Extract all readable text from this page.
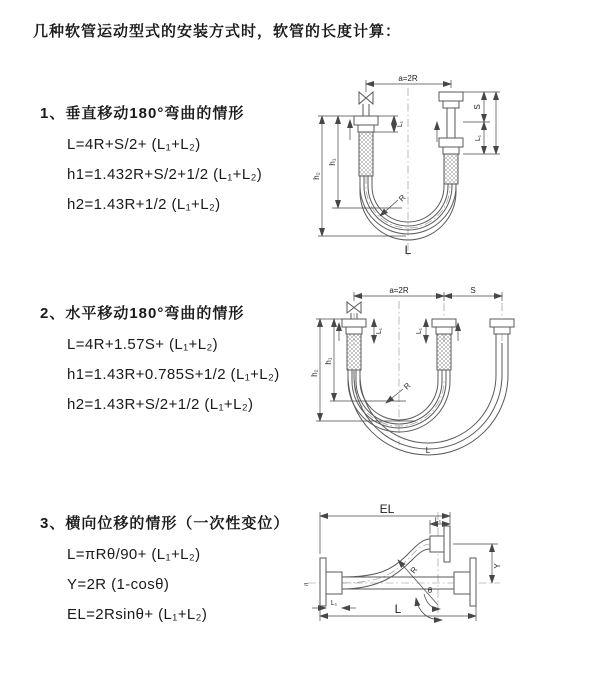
几种软管运动型式的安装方式时，软管的长度计算：
1、垂直移动180°弯曲的情形
L=4R+S/2+ (L₁+L₂)
h1=1.432R+S/2+1/2 (L₁+L₂)
h2=1.43R+1/2 (L₁+L₂)
a=2R
L₁
S
L₁
h₁
h₂
R
L
2、水平移动180°弯曲的情形
L=4R+1.57S+ (L₁+L₂)
h1=1.43R+0.785S+1/2 (L₁+L₂)
h2=1.43R+S/2+1/2 (L₁+L₂)
a=2R	S
L₁	L₁
h₁
h₂
R
L
3、横向位移的情形（一次性变位）
L=πRθ/90+ (L₁+L₂)
Y=2R (1-cosθ)
EL=2Rsinθ+ (L₁+L₂)
EL
L₁
≈
Y
R
θ
L₁	L
